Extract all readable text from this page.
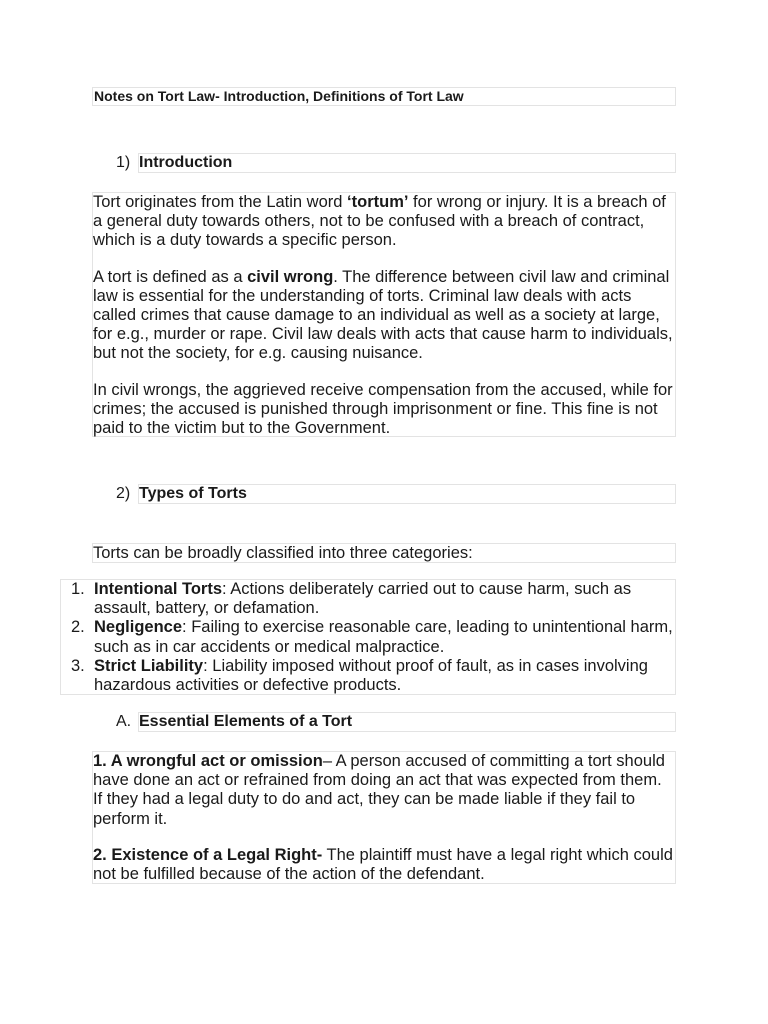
Notes on Tort Law- Introduction, Definitions of Tort Law
1) Introduction

Tort originates from the Latin word ‘tortum’ for wrong or injury. It is a breach of a general duty towards others, not to be confused with a breach of contract, which is a duty towards a specific person.

A tort is defined as a civil wrong. The difference between civil law and criminal law is essential for the understanding of torts. Criminal law deals with acts called crimes that cause damage to an individual as well as a society at large, for e.g., murder or rape. Civil law deals with acts that cause harm to individuals, but not the society, for e.g. causing nuisance.

In civil wrongs, the aggrieved receive compensation from the accused, while for crimes; the accused is punished through imprisonment or fine. This fine is not paid to the victim but to the Government.

2) Types of Torts
Torts can be broadly classified into three categories:
1. Intentional Torts: Actions deliberately carried out to cause harm, such as assault, battery, or defamation.
2. Negligence: Failing to exercise reasonable care, leading to unintentional harm, such as in car accidents or medical malpractice.
3. Strict Liability: Liability imposed without proof of fault, as in cases involving hazardous activities or defective products.
A. Essential Elements of a Tort

1. A wrongful act or omission– A person accused of committing a tort should have done an act or refrained from doing an act that was expected from them. If they had a legal duty to do and act, they can be made liable if they fail to perform it.

2. Existence of a Legal Right- The plaintiff must have a legal right which could not be fulfilled because of the action of the defendant.
